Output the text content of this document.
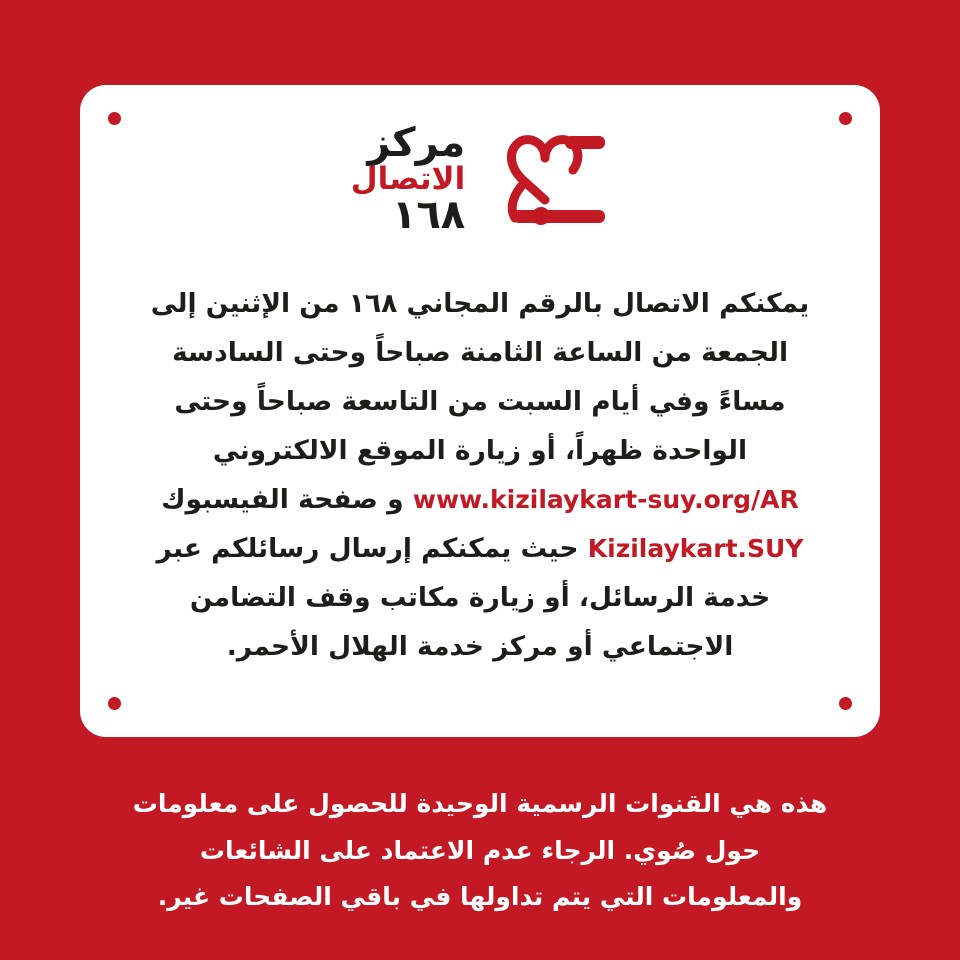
مركز
الاتصال
١٦٨

يمكنكم الاتصال بالرقم المجاني ١٦٨ من الإثنين إلى الجمعة من الساعة الثامنة صباحاً وحتى السادسة مساءً وفي أيام السبت من التاسعة صباحاً وحتى الواحدة ظهراً، أو زيارة الموقع الالكتروني www.kizilaykart-suy.org/AR و صفحة الفيسبوك Kizilaykart.SUY حيث يمكنكم إرسال رسائلكم عبر خدمة الرسائل، أو زيارة مكاتب وقف التضامن الاجتماعي أو مركز خدمة الهلال الأحمر.

هذه هي القنوات الرسمية الوحيدة للحصول على معلومات حول صُوي. الرجاء عدم الاعتماد على الشائعات والمعلومات التي يتم تداولها في باقي الصفحات غير.
